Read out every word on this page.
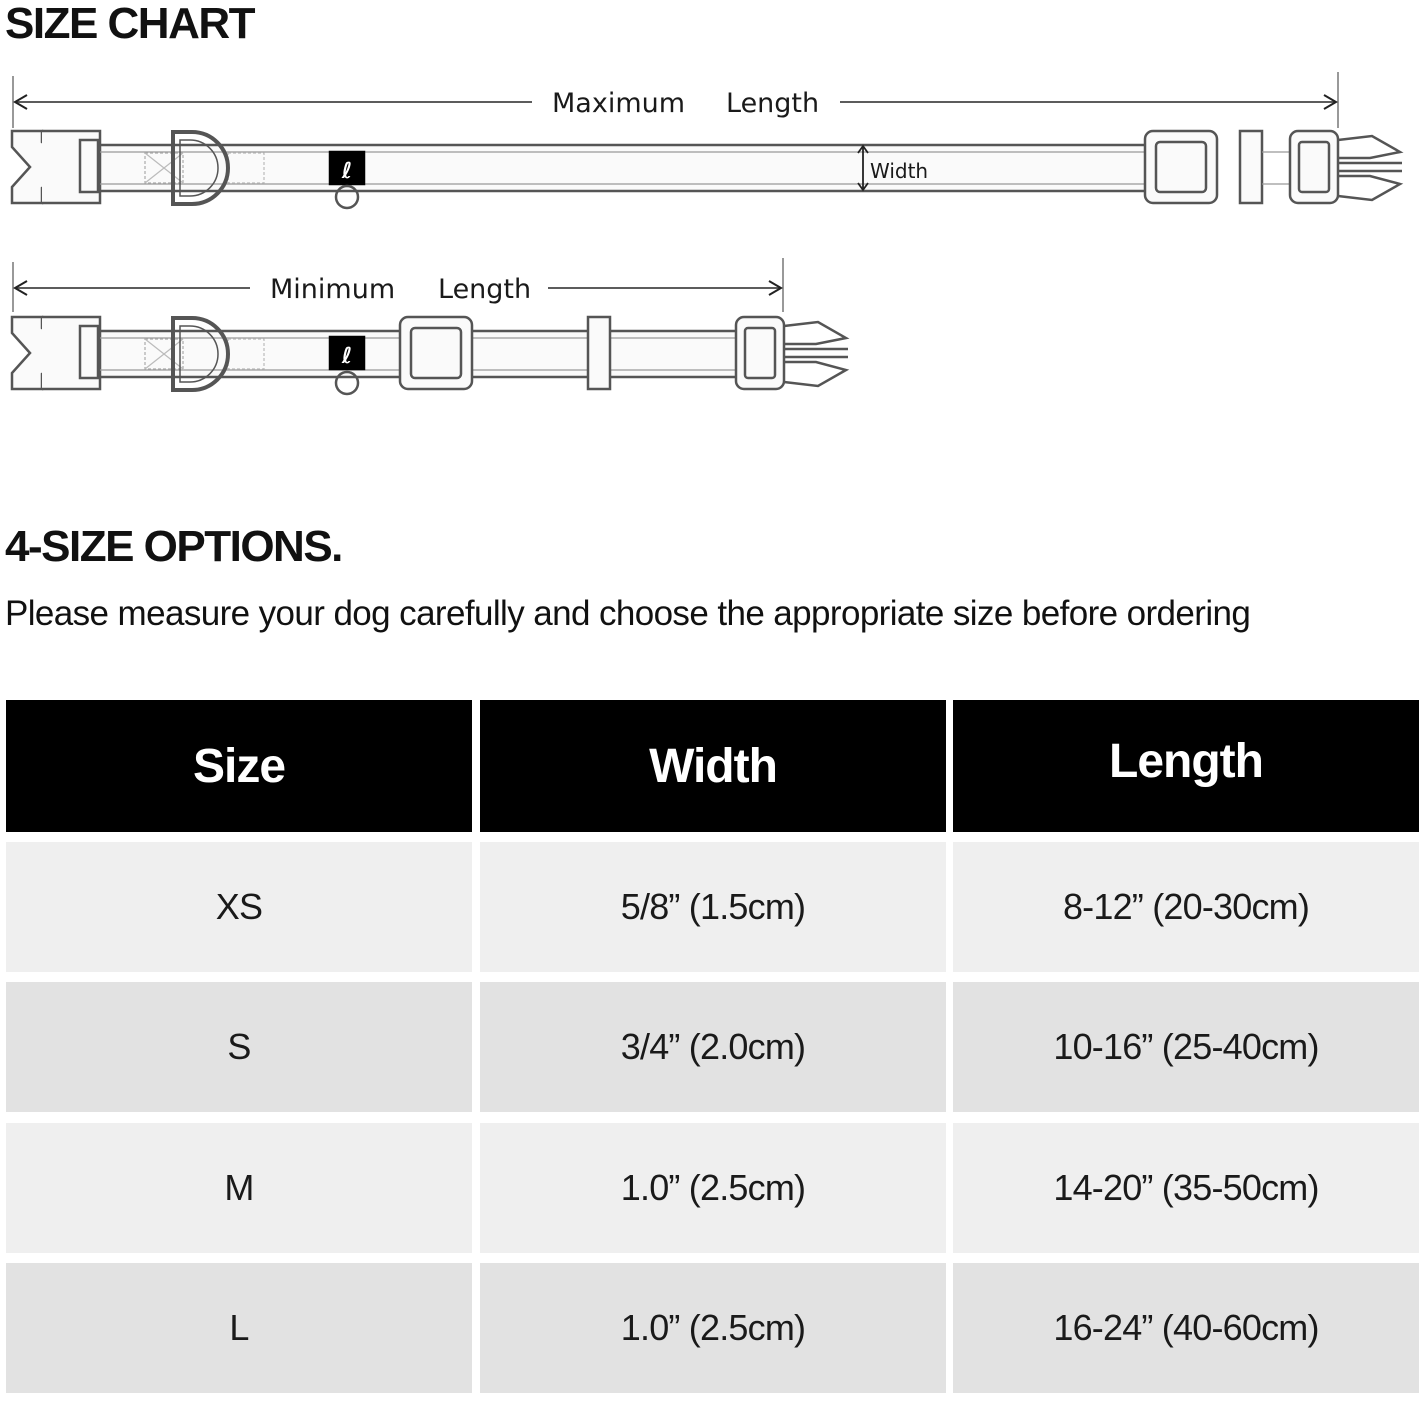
SIZE CHART
Maximum Length
ℓ	Width
Minimum Length
ℓ
4-SIZE OPTIONS.

Please measure your dog carefully and choose the appropriate size before ordering

Size	Width	Length
XS	5/8” (1.5cm)	8-12” (20-30cm)
S	3/4” (2.0cm)	10-16” (25-40cm)
M	1.0” (2.5cm)	14-20” (35-50cm)
L	1.0” (2.5cm)	16-24” (40-60cm)
